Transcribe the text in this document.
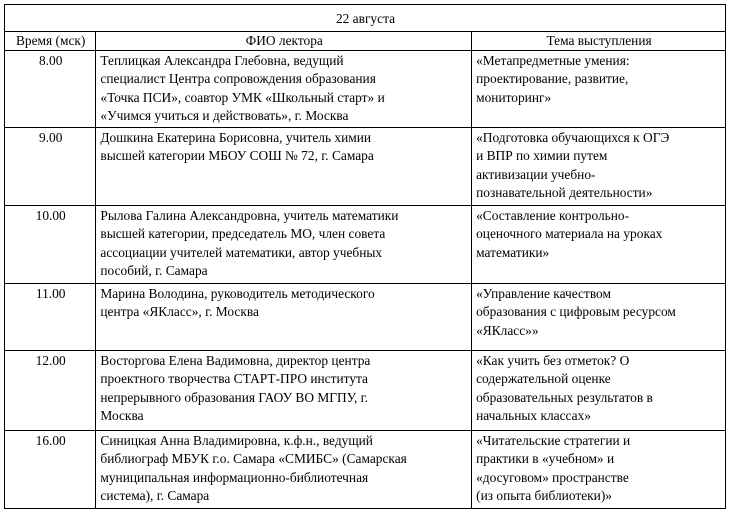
22 августа		
Время (мск)	ФИО лектора	Тема выступления
8.00	Теплицкая Александра Глебовна, ведущий
специалист Центра сопровождения образования
«Точка ПСИ», соавтор УМК «Школьный старт» и
«Учимся учиться и действовать», г. Москва	«Метапредметные умения:
проектирование, развитие,
мониторинг»
9.00	Дошкина Екатерина Борисовна, учитель химии
высшей категории МБОУ СОШ № 72, г. Самара	«Подготовка обучающихся к ОГЭ
и ВПР по химии путем
активизации учебно-
познавательной деятельности»
10.00	Рылова Галина Александровна, учитель математики
высшей категории, председатель МО, член совета
ассоциации учителей математики, автор учебных
пособий, г. Самара	«Составление контрольно-
оценочного материала на уроках
математики»
11.00	Марина Володина, руководитель методического
центра «ЯКласс», г. Москва	«Управление качеством
образования с цифровым ресурсом
«ЯКласс»»
12.00	Восторгова Елена Вадимовна, директор центра
проектного творчества СТАРТ-ПРО института
непрерывного образования ГАОУ ВО МГПУ, г.
Москва	«Как учить без отметок? О
содержательной оценке
образовательных результатов в
начальных классах»
16.00	Синицкая Анна Владимировна, к.ф.н., ведущий
библиограф МБУК г.о. Самара «СМИБС» (Самарская
муниципальная информационно-библиотечная
система), г. Самара	«Читательские стратегии и
практики в «учебном» и
«досуговом» пространстве
(из опыта библиотеки)»
